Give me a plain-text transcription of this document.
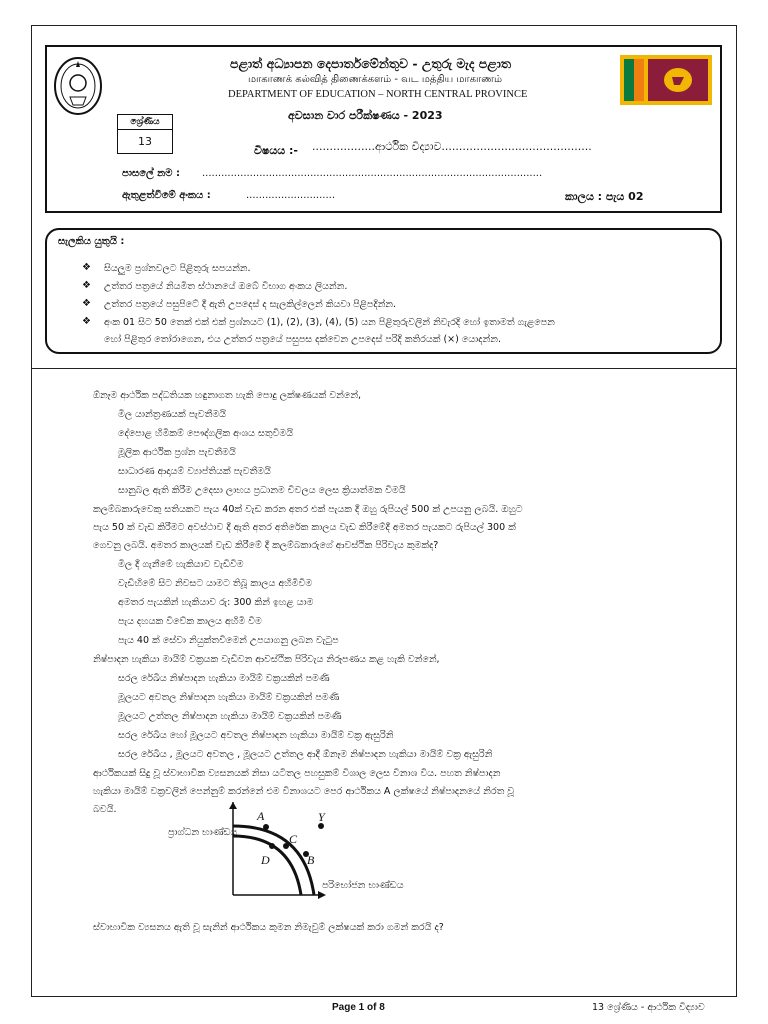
පළාත් අධ්‍යාපන දෙපාර්තමේන්තුව - උතුරු මැද පළාත
மாகாணக் கல்வித் திணைக்களம் - வட மத்திய மாகாணம்
DEPARTMENT OF EDUCATION – NORTH CENTRAL PROVINCE
අවසාන වාර පරීක්ෂණය - 2023
ශ්‍රේණිය
13
විෂයය :- ..................ආර්ථික විද්‍යාව...........................................
පාසලේ නම : ...........................................................................................................
ඇතුළත්වීමේ අංකය :	............................	කාලය : පැය 02
සැලකිය යුතුයි :
❖ සියලුම ප්‍රශ්නවලට පිළිතුරු සපයන්න.
❖ උත්තර පත්‍රයේ නියමිත ස්ථානයේ ඔබේ විභාග අංකය ලියන්න.
❖ උත්තර පත්‍රයේ පසුපිටේ දී ඇති උපදෙස් ද සැලකිල්ලෙන් කියවා පිළිපදින්න.
❖ අංක 01 සිට 50 තෙක් එක් එක් ප්‍රශ්නයට (1), (2), (3), (4), (5) යන පිළිතුරුවලින් නිවැරදි හෝ ඉතාමත් ගැළපෙන
හෝ පිළිතුර තෝරාගෙන, එය උත්තර පත්‍රයේ පසුපස දක්වෙන උපදෙස් පරිදි කතිරයක් (×) යොදන්න.
ඕනෑම ආර්ථික පද්ධතියක හඳුනාගත හැකි පොදු ලක්ෂණයක් වන්නේ,
මිල යාන්ත්‍රණයක් පැවතීමයි
දේපොළ හිමිකම් පෞද්ගලික අංශය සතුවීමයි
මූලික ආර්ථික ප්‍රශ්න පැවතීමයි
සාධාරණ ආදායම් ව්‍යාප්තියක් පැවතීමයි
සානුබල ඇති කිරීම උදෙසා ලාභය ප්‍රධානම චිවලය ලෙස ක්‍රියාත්මක වීමයි
කලම්බකාරුවෙකු සතියකට පැය 40ක් වැඩ කරන අතර එක් පැයක දී ඔහු රුපියල් 500 ක් උපයනු ලබයි. ඔහුට
පැය 50 ක් වැඩ කිරීමට අවස්ථාව දී ඇති අතර අතිරේක කාලය වැඩ කිරීමේදී අමතර පැයකට රුපියල් 300 ක්
ගෙවනු ලබයි. අමතර කාලයක් වැඩ කිරීමේ දී කලම්බකාරුගේ ආවස්ථික පිරිවැය කුමක්ද?
මිල දී ගැනීමේ හැකියාව වැඩිවීම
වැඩිහිමේ සිට නිවසට යාමට තිබූ කාලය අහිමිවීම
අමතර පැයකින් හැකියාව රු: 300 කින් ඉහළ යාම
පැය දහයක විවේක කාලය අහිමි වීම
පැය 40 ක් සේවා නියුක්තවීමෙන් උපයාගනු ලබන වැටුප
නිෂ්පාදන හැකියා මායිම් වක්‍රයක වැඩිවන ආවස්ථික පිරිවැය නිරූපණය කළ හැකි වන්නේ,
සරල රේඛීය නිෂ්පාදන හැකියා මායිම් වක්‍රයකින් පමණි
මූලයට අවතල නිෂ්පාදන හැකියා මායිම් වක්‍රයකින් පමණි
මූලයට උත්තල නිෂ්පාදන හැකියා මායිම් වක්‍රයකින් පමණි
සරල රේඛීය හෝ මූලයට අවතල නිෂ්පාදන හැකියා මායිම් වක්‍ර ඇසුරිනි
සරල රේඛීය , මූලයට අවතල , මූලයට උත්තල ආදී ඕනෑම නිෂ්පාදන හැකියා මායිම් වක්‍ර ඇසුරිනි
ආර්ථිකයක් සිදු වූ ස්වාභාවික ව්‍යසනයක් නිසා යටිතල පහසුකම් විශාල ලෙස විනාශ විය. පහත නිෂ්පාදන
හැකියා මායිම් වක්‍රවලින් පෙන්නුම් කරන්නේ එම විනාශයට පෙර ආර්ථිකය A ලක්ෂයේ නිෂ්පාදනයේ නිරත වූ
බවයි.
ප්‍රාග්ධන භාණ්ඩය
පරිභෝජන භාණ්ඩය
A
B
C
D
Y
ස්වාභාවික ව්‍යසනය ඇති වූ සැනින් ආර්ථිකය කුමන නිමැවුම් ලක්ෂයක් කරා ගමන් කරයි ද?
Page 1 of 8	13 ශ්‍රේණිය - ආර්ථික විද්‍යාව
